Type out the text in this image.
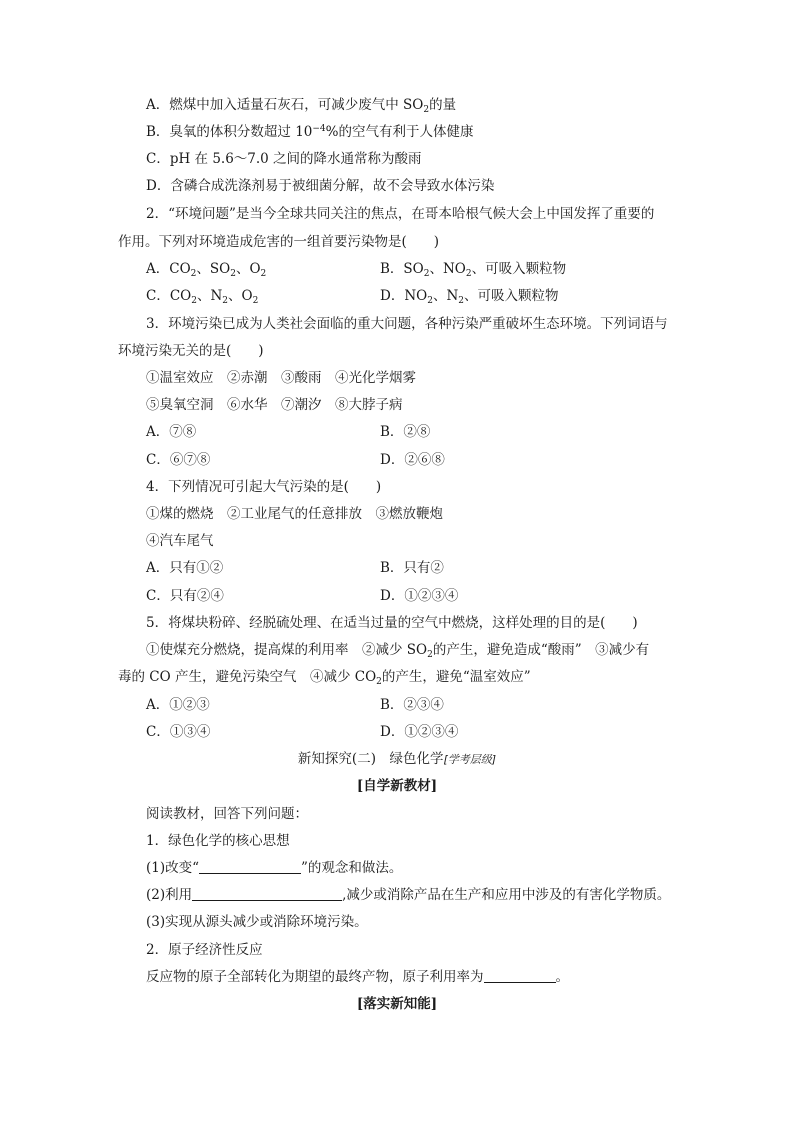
A．燃煤中加入适量石灰石，可减少废气中 $SO_2$的量
B．臭氧的体积分数超过 $10^{-4}\%$的空气有利于人体健康
C．pH 在 5.6～7.0 之间的降水通常称为酸雨
D．含磷合成洗涤剂易于被细菌分解，故不会导致水体污染
2．“环境问题”是当今全球共同关注的焦点，在哥本哈根气候大会上中国发挥了重要的
作用。下列对环境造成危害的一组首要污染物是(　　)
A．$CO_2$、$SO_2$、$O_2$	B．$SO_2$、$NO_2$、可吸入颗粒物
C．$CO_2$、$N_2$、$O_2$	D．$NO_2$、$N_2$、可吸入颗粒物
3．环境污染已成为人类社会面临的重大问题，各种污染严重破坏生态环境。下列词语与
环境污染无关的是(　　)
①温室效应　②赤潮　③酸雨　④光化学烟雾
⑤臭氧空洞　⑥水华　⑦潮汐　⑧大脖子病
A．⑦⑧	B．②⑧
C．⑥⑦⑧	D．②⑥⑧
4．下列情况可引起大气污染的是(　　)
①煤的燃烧　②工业尾气的任意排放　③燃放鞭炮
④汽车尾气
A．只有①②	B．只有②
C．只有②④	D．①②③④
5．将煤块粉碎、经脱硫处理、在适当过量的空气中燃烧，这样处理的目的是(　　)
①使煤充分燃烧，提高煤的利用率　②减少 $SO_2$的产生，避免造成“酸雨”　③减少有
毒的 CO 产生，避免污染空气　④减少 $CO_2$的产生，避免“温室效应”
A．①②③	B．②③④
C．①③④	D．①②③④
新知探究(二)　绿色化学[学考层级]
[自学新教材]
阅读教材，回答下列问题：
1．绿色化学的核心思想
(1)改变“	”的观念和做法。
(2)利用	,减少或消除产品在生产和应用中涉及的有害化学物质。
(3)实现从源头减少或消除环境污染。
2．原子经济性反应
反应物的原子全部转化为期望的最终产物，原子利用率为	。
[落实新知能]
